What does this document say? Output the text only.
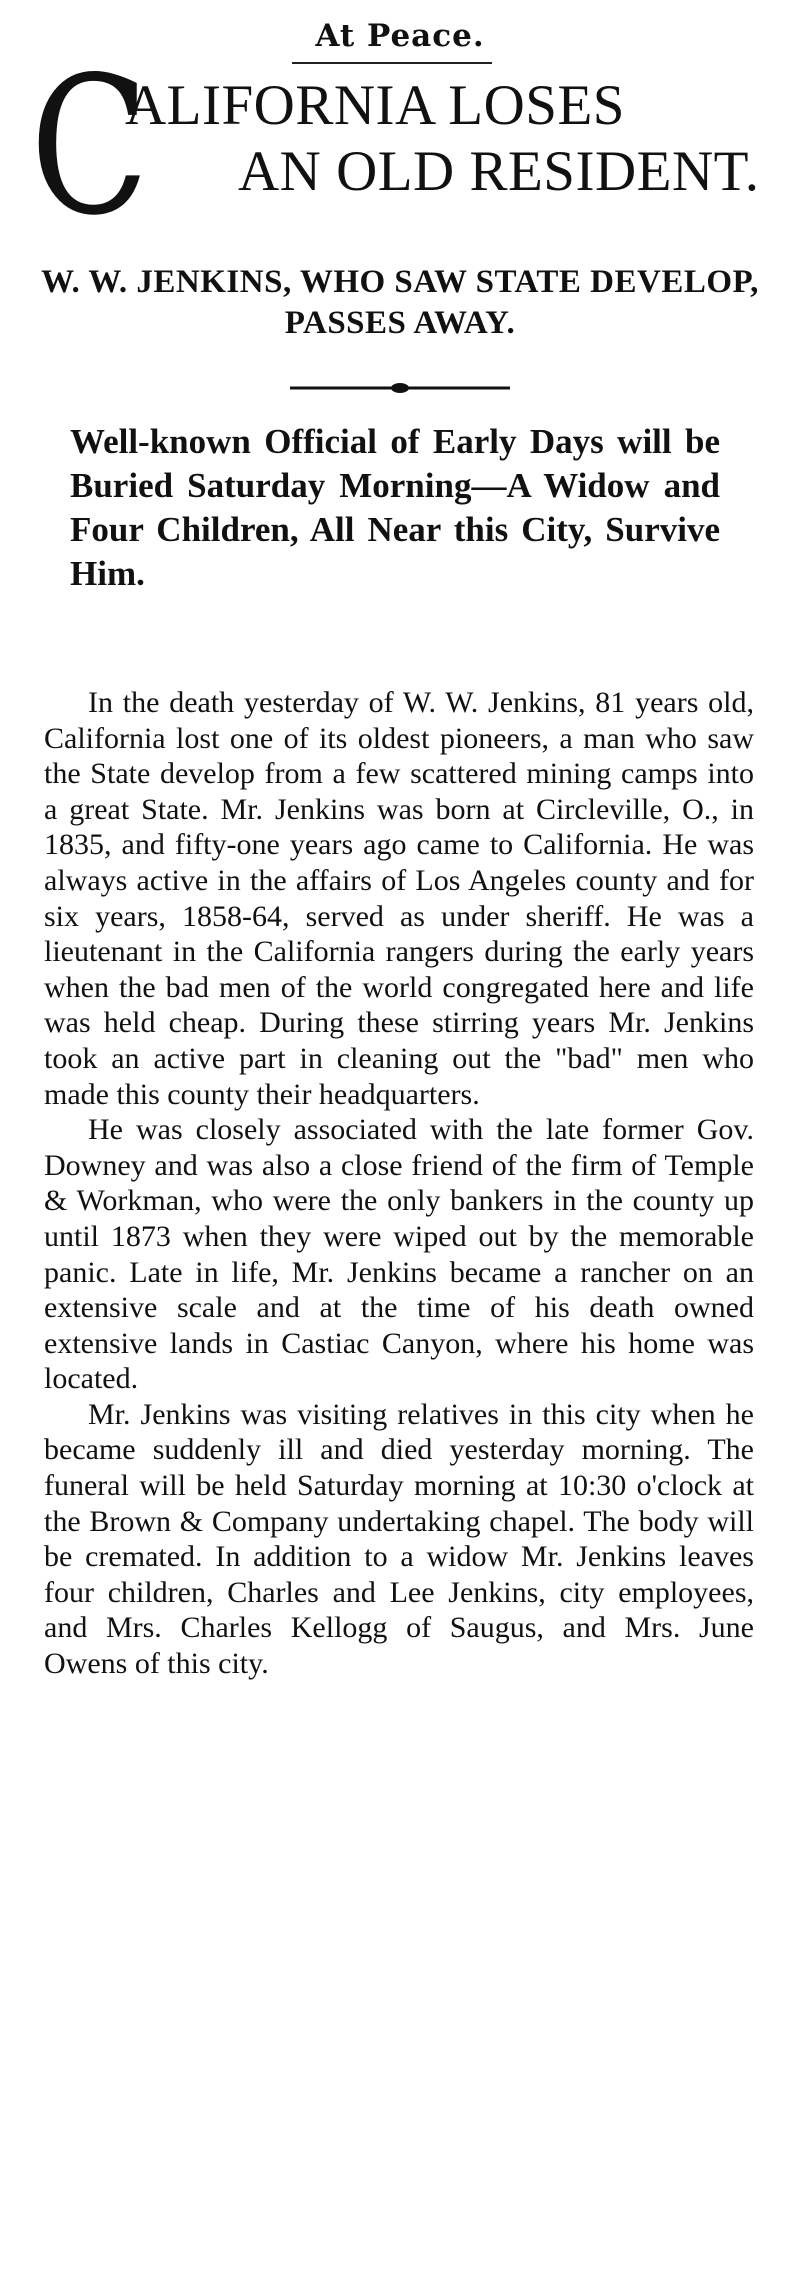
At Peace.
C
ALIFORNIA LOSES
AN OLD RESIDENT.
W. W. JENKINS, WHO SAW STATE DEVELOP, PASSES AWAY.
Well-known Official of Early Days will be Buried Saturday Morning—A Widow and Four Children, All Near this City, Survive Him.

In the death yesterday of W. W. Jenkins, 81 years old, California lost one of its oldest pioneers, a man who saw the State develop from a few scattered mining camps into a great State. Mr. Jenkins was born at Circleville, O., in 1835, and fifty-one years ago came to California. He was always active in the affairs of Los Angeles county and for six years, 1858-64, served as under sheriff. He was a lieutenant in the California rangers during the early years when the bad men of the world congregated here and life was held cheap. During these stirring years Mr. Jenkins took an active part in cleaning out the "bad" men who made this county their headquarters.

He was closely associated with the late former Gov. Downey and was also a close friend of the firm of Temple & Workman, who were the only bankers in the county up until 1873 when they were wiped out by the memorable panic. Late in life, Mr. Jenkins became a rancher on an extensive scale and at the time of his death owned extensive lands in Castiac Canyon, where his home was located.

Mr. Jenkins was visiting relatives in this city when he became suddenly ill and died yesterday morning. The funeral will be held Saturday morning at 10:30 o'clock at the Brown & Company undertaking chapel. The body will be cremated. In addition to a widow Mr. Jenkins leaves four children, Charles and Lee Jenkins, city employees, and Mrs. Charles Kellogg of Saugus, and Mrs. June Owens of this city.
